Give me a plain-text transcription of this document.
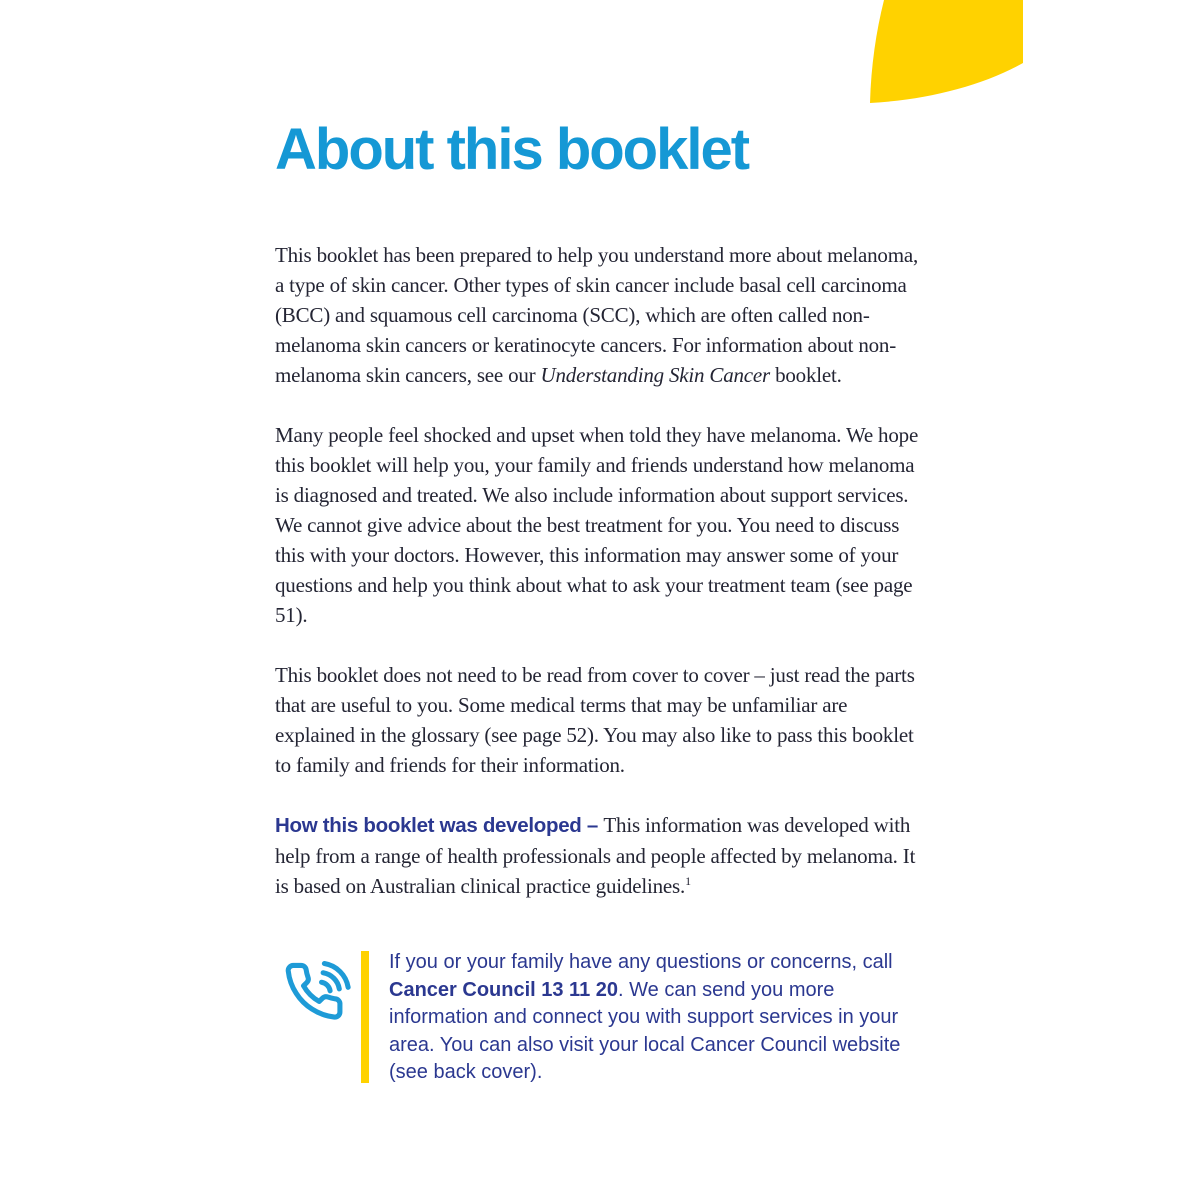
About this booklet

This booklet has been prepared to help you understand more about melanoma, a type of skin cancer. Other types of skin cancer include basal cell carcinoma (BCC) and squamous cell carcinoma (SCC), which are often called non-melanoma skin cancers or keratinocyte cancers. For information about non-melanoma skin cancers, see our Understanding Skin Cancer booklet.

Many people feel shocked and upset when told they have melanoma. We hope this booklet will help you, your family and friends understand how melanoma is diagnosed and treated. We also include information about support services. We cannot give advice about the best treatment for you. You need to discuss this with your doctors. However, this information may answer some of your questions and help you think about what to ask your treatment team (see page 51).

This booklet does not need to be read from cover to cover – just read the parts that are useful to you. Some medical terms that may be unfamiliar are explained in the glossary (see page 52). You may also like to pass this booklet to family and friends for their information.

How this booklet was developed – This information was developed with help from a range of health professionals and people affected by melanoma. It is based on Australian clinical practice guidelines.$^1$

If you or your family have any questions or concerns, call Cancer Council 13 11 20. We can send you more information and connect you with support services in your area. You can also visit your local Cancer Council website (see back cover).
